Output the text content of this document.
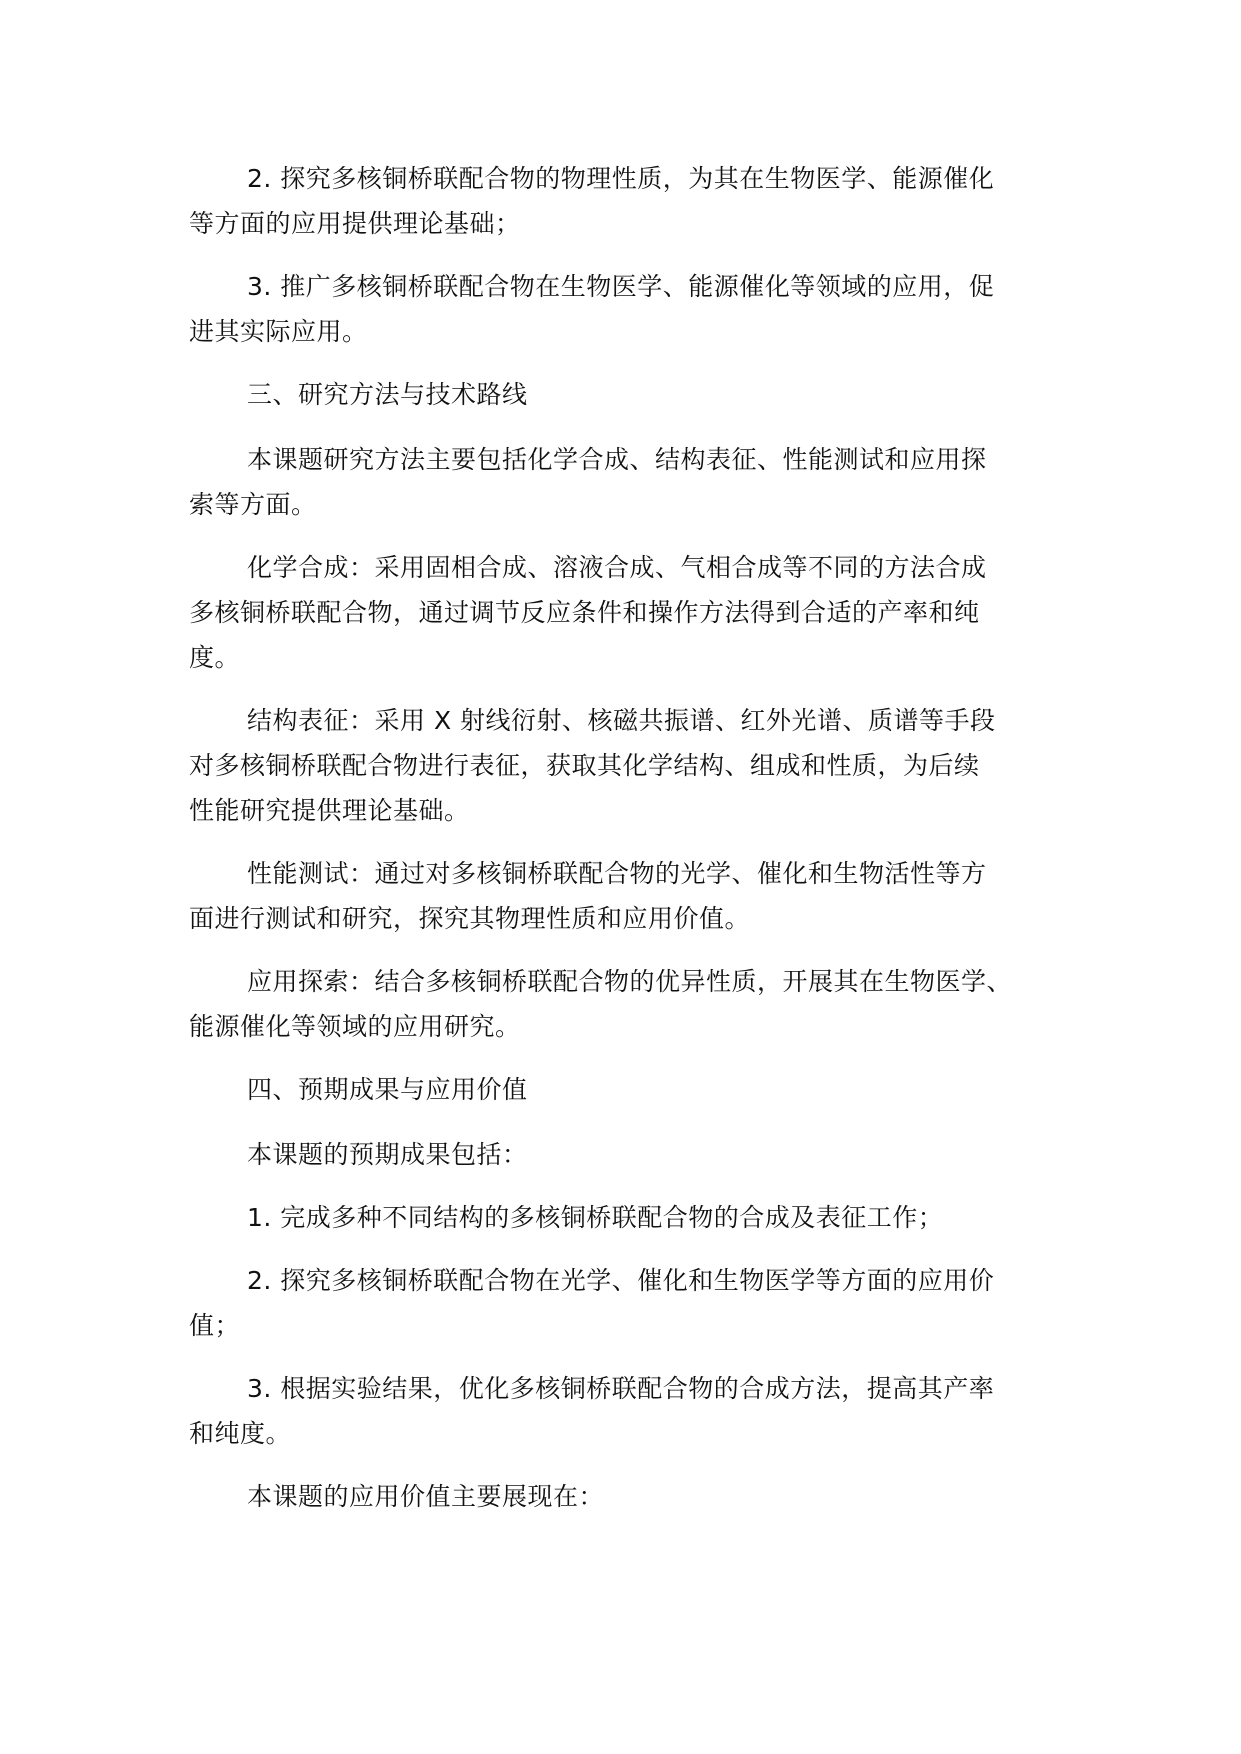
2. 探究多核铜桥联配合物的物理性质，为其在生物医学、能源催化
等方面的应用提供理论基础；
3. 推广多核铜桥联配合物在生物医学、能源催化等领域的应用，促
进其实际应用。
三、研究方法与技术路线
本课题研究方法主要包括化学合成、结构表征、性能测试和应用探
索等方面。
化学合成：采用固相合成、溶液合成、气相合成等不同的方法合成
多核铜桥联配合物，通过调节反应条件和操作方法得到合适的产率和纯
度。
结构表征：采用 X 射线衍射、核磁共振谱、红外光谱、质谱等手段
对多核铜桥联配合物进行表征，获取其化学结构、组成和性质，为后续
性能研究提供理论基础。
性能测试：通过对多核铜桥联配合物的光学、催化和生物活性等方
面进行测试和研究，探究其物理性质和应用价值。
应用探索：结合多核铜桥联配合物的优异性质，开展其在生物医学、
能源催化等领域的应用研究。
四、预期成果与应用价值
本课题的预期成果包括：
1. 完成多种不同结构的多核铜桥联配合物的合成及表征工作；
2. 探究多核铜桥联配合物在光学、催化和生物医学等方面的应用价
值；
3. 根据实验结果，优化多核铜桥联配合物的合成方法，提高其产率
和纯度。
本课题的应用价值主要展现在：
